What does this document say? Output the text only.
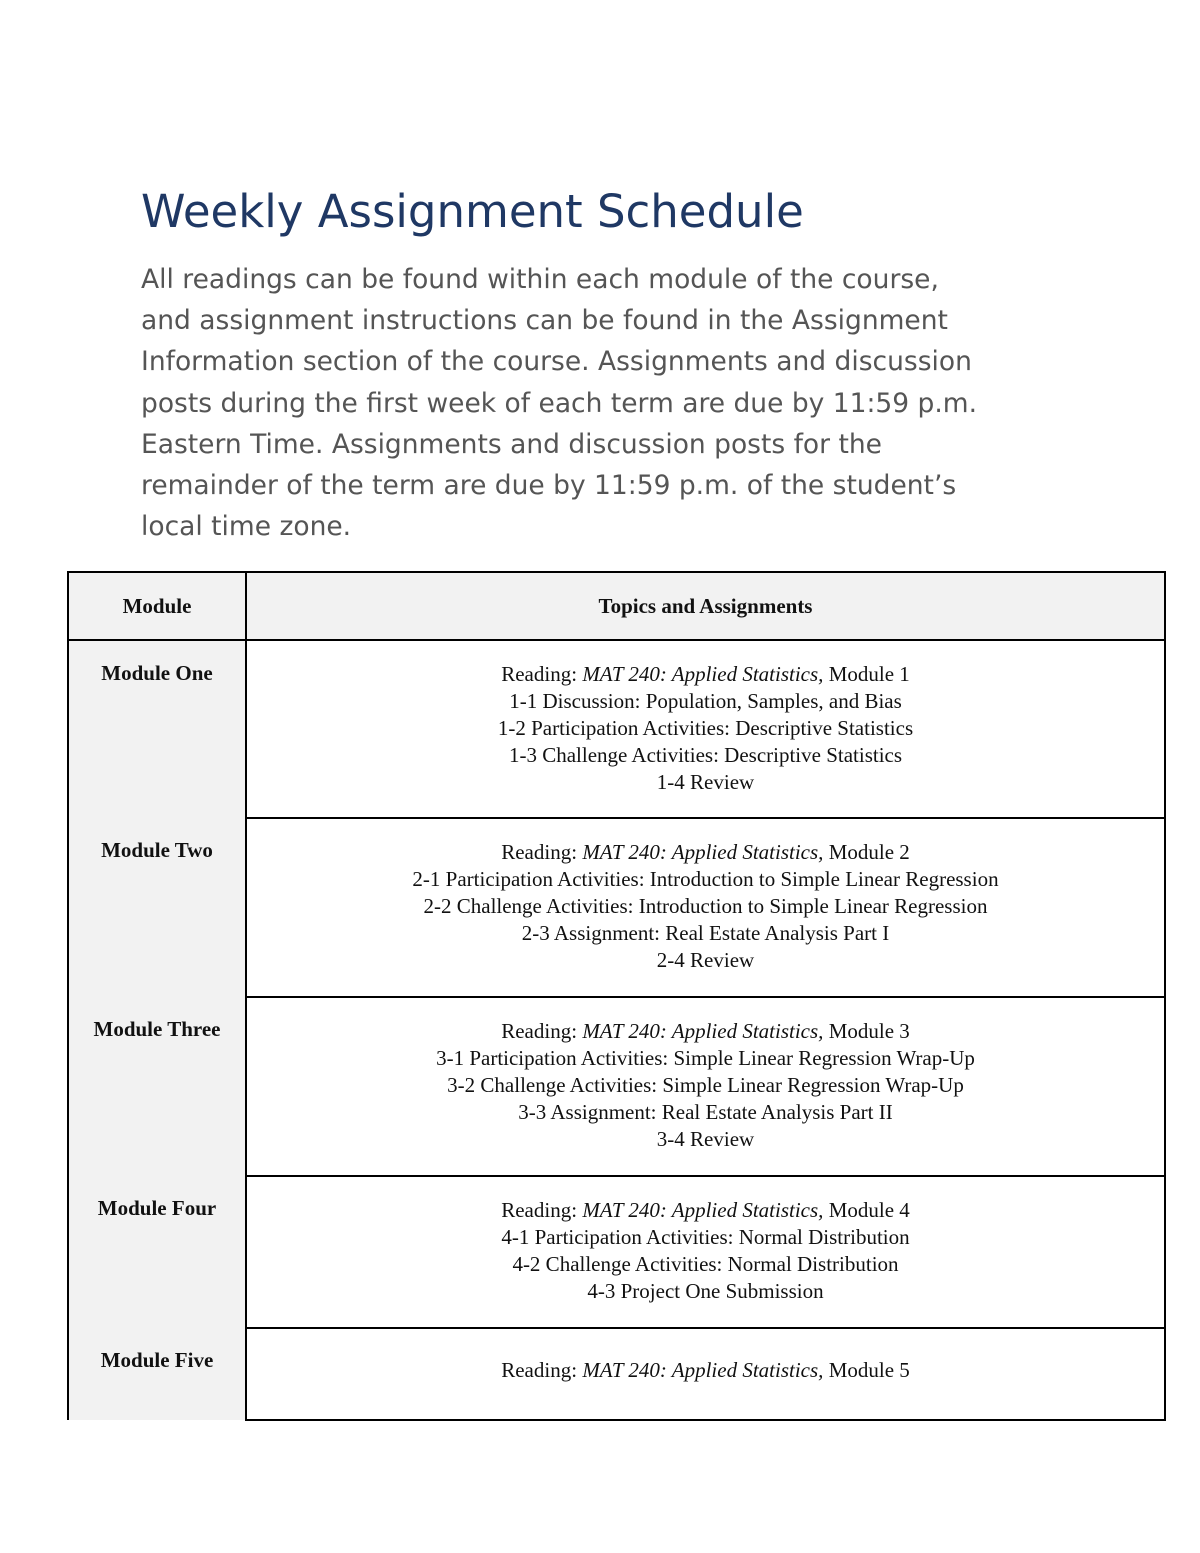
Weekly Assignment Schedule

All readings can be found within each module of the course,
and assignment instructions can be found in the Assignment
Information section of the course. Assignments and discussion
posts during the first week of each term are due by 11:59 p.m.
Eastern Time. Assignments and discussion posts for the
remainder of the term are due by 11:59 p.m. of the student’s
local time zone.

Module	Topics and Assignments
Module One	Reading: MAT 240: Applied Statistics, Module 1
1-1 Discussion: Population, Samples, and Bias
1-2 Participation Activities: Descriptive Statistics
1-3 Challenge Activities: Descriptive Statistics
1-4 Review

Module Two	Reading: MAT 240: Applied Statistics, Module 2
2-1 Participation Activities: Introduction to Simple Linear Regression
2-2 Challenge Activities: Introduction to Simple Linear Regression
2-3 Assignment: Real Estate Analysis Part I
2-4 Review

Module Three	Reading: MAT 240: Applied Statistics, Module 3
3-1 Participation Activities: Simple Linear Regression Wrap-Up
3-2 Challenge Activities: Simple Linear Regression Wrap-Up
3-3 Assignment: Real Estate Analysis Part II
3-4 Review

Module Four	Reading: MAT 240: Applied Statistics, Module 4
4-1 Participation Activities: Normal Distribution
4-2 Challenge Activities: Normal Distribution
4-3 Project One Submission

Module Five	Reading: MAT 240: Applied Statistics, Module 5
